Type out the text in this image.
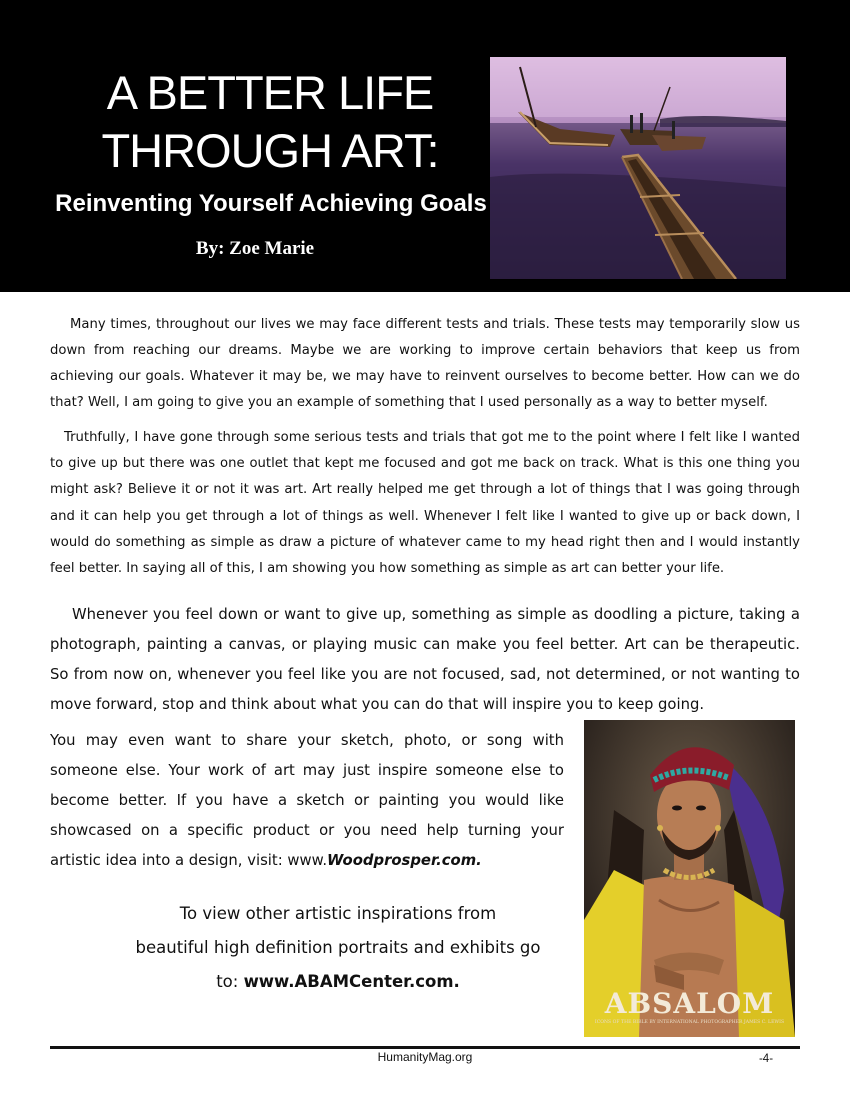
A BETTER LIFE
THROUGH ART:
Reinventing Yourself Achieving Goals
By: Zoe Marie

Many times, throughout our lives we may face different tests and trials. These tests may temporarily slow us down from reaching our dreams. Maybe we are working to improve certain behaviors that keep us from achieving our goals. Whatever it may be, we may have to reinvent ourselves to become better. How can we do that? Well, I am going to give you an example of something that I used personally as a way to better myself.

Truthfully, I have gone through some serious tests and trials that got me to the point where I felt like I wanted to give up but there was one outlet that kept me focused and got me back on track. What is this one thing you might ask? Believe it or not it was art. Art really helped me get through a lot of things that I was going through and it can help you get through a lot of things as well. Whenever I felt like I wanted to give up or back down, I would do something as simple as draw a picture of whatever came to my head right then and I would instantly feel better. In saying all of this, I am showing you how something as simple as art can better your life.

Whenever you feel down or want to give up, something as simple as doodling a picture, taking a photograph, painting a canvas, or playing music can make you feel better. Art can be therapeutic. So from now on, whenever you feel like you are not focused, sad, not determined, or not wanting to move forward, stop and think about what you can do that will inspire you to keep going.

You may even want to share your sketch, photo, or song with someone else. Your work of art may just inspire someone else to become better. If you have a sketch or painting you would like showcased on a specific product or you need help turning your artistic idea into a design, visit: www.Woodprosper.com.

To view other artistic inspirations from
beautiful high definition portraits and exhibits go
to: www.ABAMCenter.com.
ABSALOM
ICONS OF THE BIBLE BY INTERNATIONAL PHOTOGRAPHER JAMES C. LEWIS
HumanityMag.org	-4-
